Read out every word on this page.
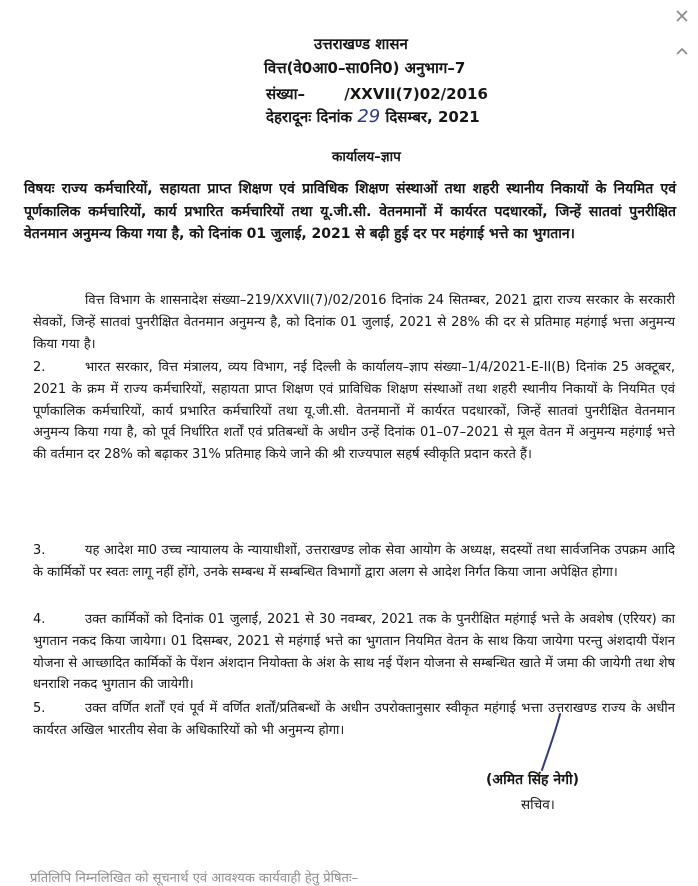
उत्तराखण्ड शासन
वित्त(वे0आ0–सा0नि0) अनुभाग–7
संख्या–	/XXVII(7)02/2016
देहरादूनः दिनांक 29 दिसम्बर, 2021
कार्यालय–ज्ञाप
विषयः राज्य कर्मचारियों, सहायता प्राप्त शिक्षण एवं प्राविधिक शिक्षण संस्थाओं तथा शहरी स्थानीय निकायों के नियमित एवं पूर्णकालिक कर्मचारियों, कार्य प्रभारित कर्मचारियों तथा यू.जी.सी. वेतनमानों में कार्यरत पदधारकों, जिन्हें सातवां पुनरीक्षित वेतनमान अनुमन्य किया गया है, को दिनांक 01 जुलाई, 2021 से बढ़ी हुई दर पर महंगाई भत्ते का भुगतान।
वित्त विभाग के शासनादेश संख्या–219/XXVII(7)/02/2016 दिनांक 24 सितम्बर, 2021 द्वारा राज्य सरकार के सरकारी सेवकों, जिन्हें सातवां पुनरीक्षित वेतनमान अनुमन्य है, को दिनांक 01 जुलाई, 2021 से 28% की दर से प्रतिमाह महंगाई भत्ता अनुमन्य किया गया है।
2.	भारत सरकार, वित्त मंत्रालय, व्यय विभाग, नई दिल्ली के कार्यालय–ज्ञाप संख्या–1/4/2021-E-II(B) दिनांक 25 अक्टूबर, 2021 के क्रम में राज्य कर्मचारियों, सहायता प्राप्त शिक्षण एवं प्राविधिक शिक्षण संस्थाओं तथा शहरी स्थानीय निकायों के नियमित एवं पूर्णकालिक कर्मचारियों, कार्य प्रभारित कर्मचारियों तथा यू.जी.सी. वेतनमानों में कार्यरत पदधारकों, जिन्हें सातवां पुनरीक्षित वेतनमान अनुमन्य किया गया है, को पूर्व निर्धारित शर्तों एवं प्रतिबन्धों के अधीन उन्हें दिनांक 01–07–2021 से मूल वेतन में अनुमन्य महंगाई भत्ते की वर्तमान दर 28% को बढ़ाकर 31% प्रतिमाह किये जाने की श्री राज्यपाल सहर्ष स्वीकृति प्रदान करते हैं।
3.	यह आदेश मा0 उच्च न्यायालय के न्यायाधीशों, उत्तराखण्ड लोक सेवा आयोग के अध्यक्ष, सदस्यों तथा सार्वजनिक उपक्रम आदि के कार्मिकों पर स्वतः लागू नहीं होंगे, उनके सम्बन्ध में सम्बन्धित विभागों द्वारा अलग से आदेश निर्गत किया जाना अपेक्षित होगा।
4.	उक्त कार्मिकों को दिनांक 01 जुलाई, 2021 से 30 नवम्बर, 2021 तक के पुनरीक्षित महंगाई भत्ते के अवशेष (एरियर) का भुगतान नकद किया जायेगा। 01 दिसम्बर, 2021 से महंगाई भत्ते का भुगतान नियमित वेतन के साथ किया जायेगा परन्तु अंशदायी पेंशन योजना से आच्छादित कार्मिकों के पेंशन अंशदान नियोक्ता के अंश के साथ नई पेंशन योजना से सम्बन्धित खाते में जमा की जायेगी तथा शेष धनराशि नकद भुगतान की जायेगी।
5.	उक्त वर्णित शर्तों एवं पूर्व में वर्णित शर्तों/प्रतिबन्धों के अधीन उपरोक्तानुसार स्वीकृत महंगाई भत्ता उत्तराखण्ड राज्य के अधीन कार्यरत अखिल भारतीय सेवा के अधिकारियों को भी अनुमन्य होगा।
(अमित सिंह नेगी)
सचिव।
प्रतिलिपि निम्नलिखित को सूचनार्थ एवं आवश्यक कार्यवाही हेतु प्रेषितः–
